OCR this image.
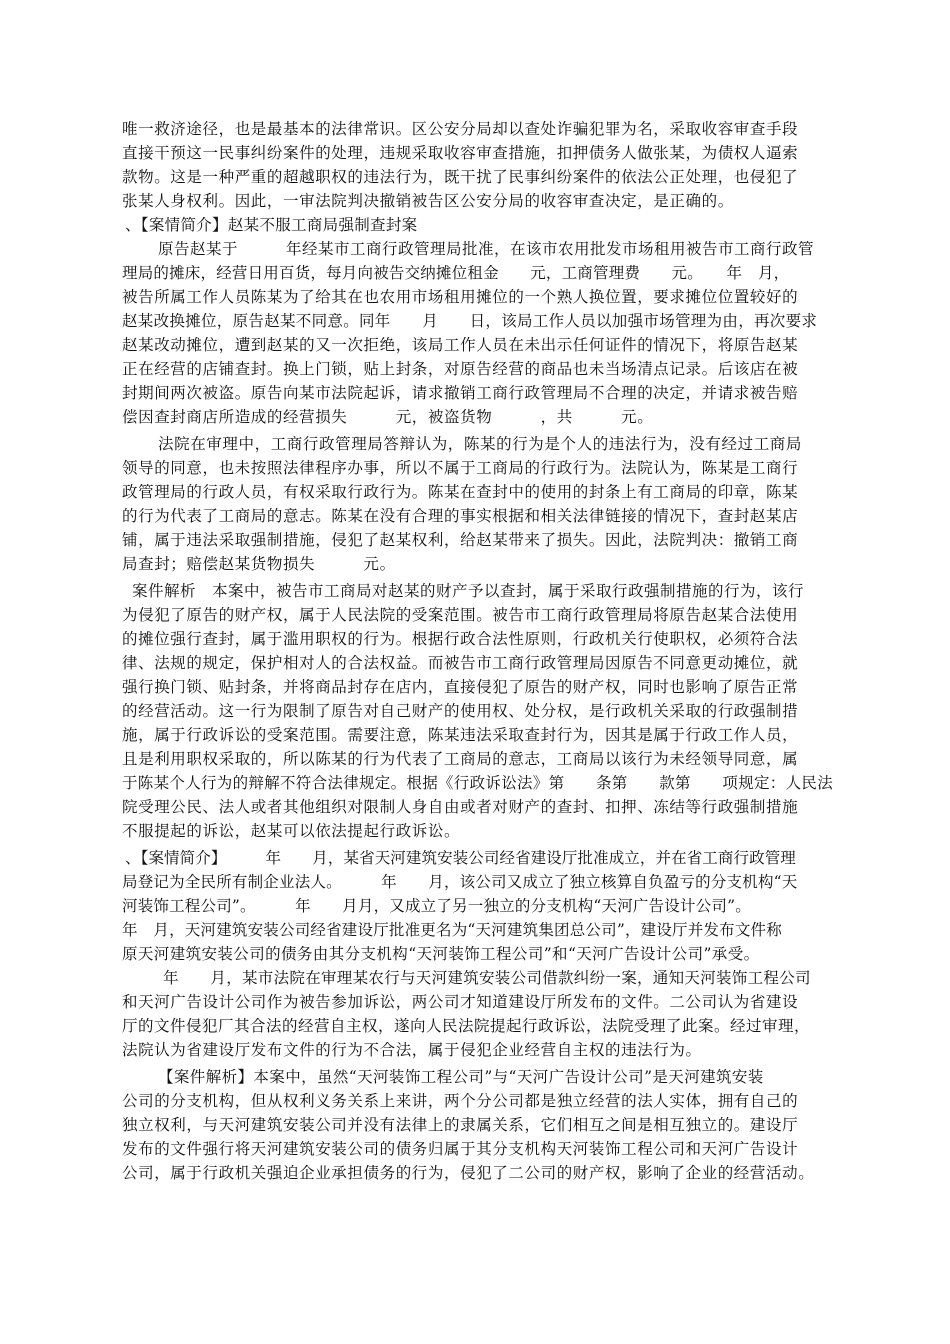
唯一救济途径，也是最基本的法律常识。区公安分局却以查处诈骗犯罪为名，采取收容审查手段
直接干预这一民事纠纷案件的处理，违规采取收容审查措施，扣押债务人做张某，为债权人逼索
款物。这是一种严重的超越职权的违法行为，既干扰了民事纠纷案件的依法公正处理，也侵犯了
张某人身权利。因此，一审法院判决撤销被告区公安分局的收容审查决定，是正确的。
、【案情简介】赵某不服工商局强制查封案
原告赵某于　　　年经某市工商行政管理局批准，在该市农用批发市场租用被告市工商行政管
理局的摊床，经营日用百货，每月向被告交纳摊位租金　　元，工商管理费　　元。　　年　月，
被告所属工作人员陈某为了给其在也农用市场租用摊位的一个熟人换位置，要求摊位位置较好的
赵某改换摊位，原告赵某不同意。同年　　月　　日，该局工作人员以加强市场管理为由，再次要求
赵某改动摊位，遭到赵某的又一次拒绝，该局工作人员在未出示任何证件的情况下，将原告赵某
正在经营的店铺查封。换上门锁，贴上封条，对原告经营的商品也未当场清点记录。后该店在被
封期间两次被盗。原告向某市法院起诉，请求撤销工商行政管理局不合理的决定，并请求被告赔
偿因查封商店所造成的经营损失　　　元，被盗货物　　　，共　　　元。
法院在审理中，工商行政管理局答辩认为，陈某的行为是个人的违法行为，没有经过工商局
领导的同意，也未按照法律程序办事，所以不属于工商局的行政行为。法院认为，陈某是工商行
政管理局的行政人员，有权采取行政行为。陈某在查封中的使用的封条上有工商局的印章，陈某
的行为代表了工商局的意志。陈某在没有合理的事实根据和相关法律链接的情况下，查封赵某店
铺，属于违法采取强制措施，侵犯了赵某权利，给赵某带来了损失。因此，法院判决：撤销工商
局查封；赔偿赵某货物损失　　　元。
案件解析　本案中，被告市工商局对赵某的财产予以查封，属于采取行政强制措施的行为，该行
为侵犯了原告的财产权，属于人民法院的受案范围。被告市工商行政管理局将原告赵某合法使用
的摊位强行查封，属于滥用职权的行为。根据行政合法性原则，行政机关行使职权，必须符合法
律、法规的规定，保护相对人的合法权益。而被告市工商行政管理局因原告不同意更动摊位，就
强行换门锁、贴封条，并将商品封存在店内，直接侵犯了原告的财产权，同时也影响了原告正常
的经营活动。这一行为限制了原告对自己财产的使用权、处分权，是行政机关采取的行政强制措
施，属于行政诉讼的受案范围。需要注意，陈某违法采取查封行为，因其是属于行政工作人员，
且是利用职权采取的，所以陈某的行为代表了工商局的意志，工商局以该行为未经领导同意，属
于陈某个人行为的辩解不符合法律规定。根据《行政诉讼法》第　　条第　　款第　　项规定：人民法
院受理公民、法人或者其他组织对限制人身自由或者对财产的查封、扣押、冻结等行政强制措施
不服提起的诉讼，赵某可以依法提起行政诉讼。
、【案情简介】　　　年　　月，某省天河建筑安装公司经省建设厅批准成立，并在省工商行政管理
局登记为全民所有制企业法人。　　　年　　月，该公司又成立了独立核算自负盈亏的分支机构“天
河装饰工程公司”。　　　年　　月月，又成立了另一独立的分支机构“天河广告设计公司”。
年　月，天河建筑安装公司经省建设厅批准更名为“天河建筑集团总公司”，建设厅并发布文件称
原天河建筑安装公司的债务由其分支机构“天河装饰工程公司”和“天河广告设计公司”承受。
年　　月，某市法院在审理某农行与天河建筑安装公司借款纠纷一案，通知天河装饰工程公司
和天河广告设计公司作为被告参加诉讼，两公司才知道建设厅所发布的文件。二公司认为省建设
厅的文件侵犯厂其合法的经营自主权，遂向人民法院提起行政诉讼，法院受理了此案。经过审理，
法院认为省建设厅发布文件的行为不合法，属于侵犯企业经营自主权的违法行为。
【案件解析】本案中，虽然“天河装饰工程公司”与“天河广告设计公司”是天河建筑安装
公司的分支机构，但从权利义务关系上来讲，两个分公司都是独立经营的法人实体，拥有自己的
独立权利，与天河建筑安装公司并没有法律上的隶属关系，它们相互之间是相互独立的。建设厅
发布的文件强行将天河建筑安装公司的债务归属于其分支机构天河装饰工程公司和天河广告设计
公司，属于行政机关强迫企业承担债务的行为，侵犯了二公司的财产权，影响了企业的经营活动。
